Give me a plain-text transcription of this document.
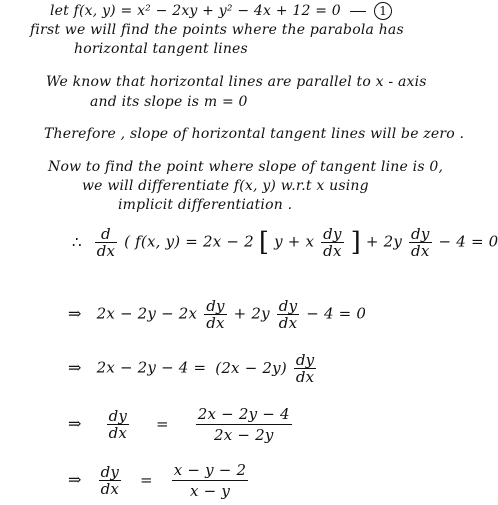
let f(x, y) = x² − 2xy + y² − 4x + 12 = 0	1
first we will find the points where the parabola has
horizontal tangent lines
We know that horizontal lines are parallel to x - axis
and its slope is m = 0
Therefore , slope of horizontal tangent lines will be zero .
Now to find the point where slope of tangent line is 0,
we will differentiate f(x, y) w.r.t x using
implicit differentiation .
∴ $\frac{d}{dx}$ ( f(x, y) = 2x − 2 [ y + x $\frac{dy}{dx}$ ] + $2y \frac{dy}{dx} - 4 = 0$
⇒ $2x - 2y - 2x \frac{dy}{dx} + 2y \frac{dy}{dx} - 4 = 0$
⇒ $2x - 2y - 4 = (2x - 2y) \frac{dy}{dx}$
⇒ $\frac{dy}{dx} = \frac{2x - 2y - 4}{2x - 2y}$
⇒ $\frac{dy}{dx} = \frac{x - y - 2}{x - y}$
